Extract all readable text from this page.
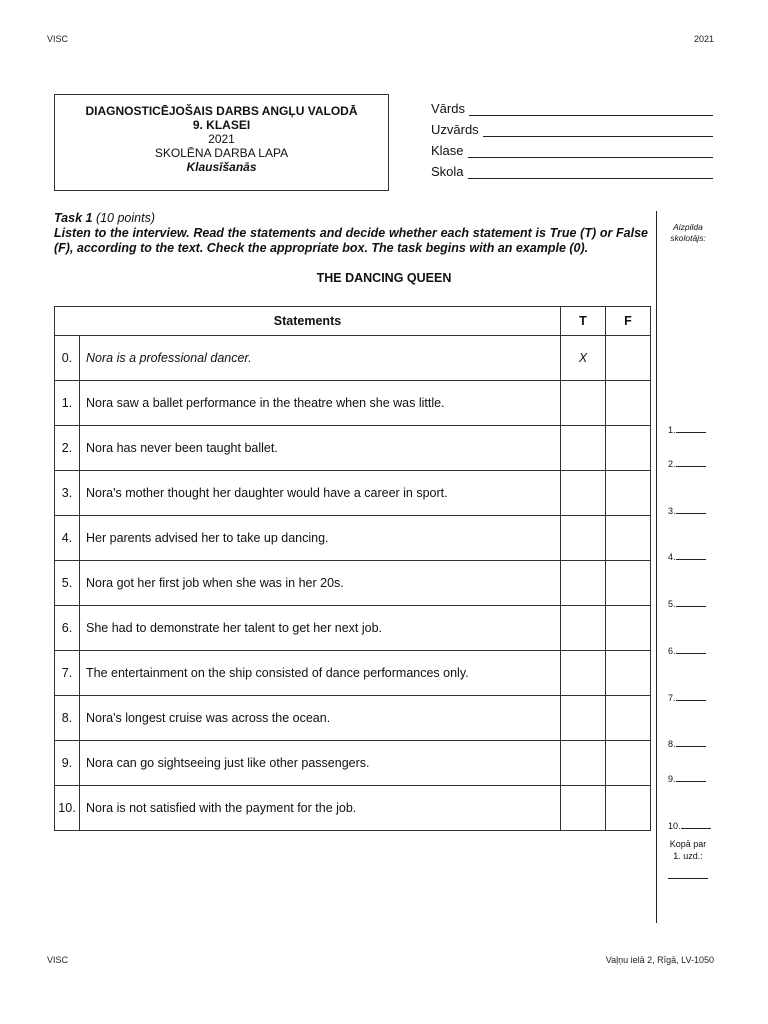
VISC	2021
DIAGNOSTICĒJOŠAIS DARBS ANGĻU VALODĀ
9. KLASEI
2021
SKOLĒNA DARBA LAPA
Klausīšanās
Vārds
Uzvārds
Klase
Skola
Task 1 (10 points)
Listen to the interview. Read the statements and decide whether each statement is True (T) or False (F), according to the text. Check the appropriate box. The task begins with an example (0).
THE DANCING QUEEN
Statements		T	F
0.	Nora is a professional dancer.	X	
1.	Nora saw a ballet performance in the theatre when she was little.		
2.	Nora has never been taught ballet.		
3.	Nora's mother thought her daughter would have a career in sport.		
4.	Her parents advised her to take up dancing.		
5.	Nora got her first job when she was in her 20s.		
6.	She had to demonstrate her talent to get her next job.		
7.	The entertainment on the ship consisted of dance performances only.		
8.	Nora's longest cruise was across the ocean.		
9.	Nora can go sightseeing just like other passengers.		
10.	Nora is not satisfied with the payment for the job.		
Aizpilda
skolotājs:
1.
2.
3.
4.
5.
6.
7.
8.
9.
10.
Kopā par
1. uzd.:
VISC	Vaļņu ielā 2, Rīgā, LV-1050
